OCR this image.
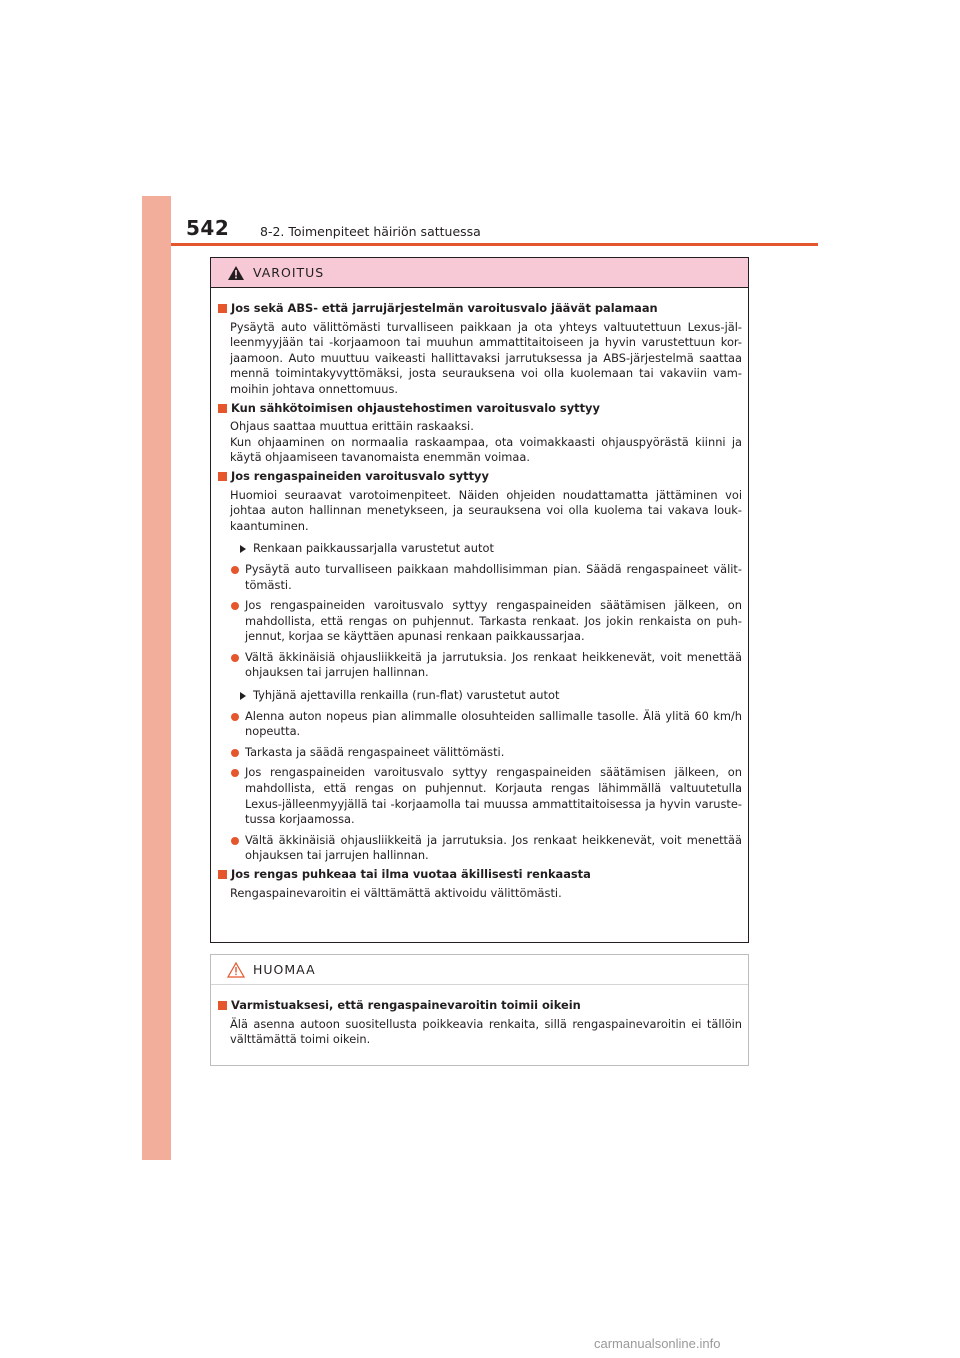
542 8-2. Toimenpiteet häiriön sattuessa
VAROITUS
Jos sekä ABS- että jarrujärjestelmän varoitusvalo jäävät palamaan
Pysäytä auto välittömästi turvalliseen paikkaan ja ota yhteys valtuutettuun Lexus-jäl- leenmyyjään tai -korjaamoon tai muuhun ammattitaitoiseen ja hyvin varustettuun kor- jaamoon. Auto muuttuu vaikeasti hallittavaksi jarrutuksessa ja ABS-järjestelmä saattaa mennä toimintakyvyttömäksi, josta seurauksena voi olla kuolemaan tai vakaviin vam- moihin johtava onnettomuus.
Kun sähkötoimisen ohjaustehostimen varoitusvalo syttyy
Ohjaus saattaa muuttua erittäin raskaaksi.
Kun ohjaaminen on normaalia raskaampaa, ota voimakkaasti ohjauspyörästä kiinni ja käytä ohjaamiseen tavanomaista enemmän voimaa.
Jos rengaspaineiden varoitusvalo syttyy
Huomioi seuraavat varotoimenpiteet. Näiden ohjeiden noudattamatta jättäminen voi johtaa auton hallinnan menetykseen, ja seurauksena voi olla kuolema tai vakava louk- kaantuminen.
Renkaan paikkaussarjalla varustetut autot
Pysäytä auto turvalliseen paikkaan mahdollisimman pian. Säädä rengaspaineet välit- tömästi.
Jos rengaspaineiden varoitusvalo syttyy rengaspaineiden säätämisen jälkeen, on mahdollista, että rengas on puhjennut. Tarkasta renkaat. Jos jokin renkaista on puh- jennut, korjaa se käyttäen apunasi renkaan paikkaussarjaa.
Vältä äkkinäisiä ohjausliikkeitä ja jarrutuksia. Jos renkaat heikkenevät, voit menettää ohjauksen tai jarrujen hallinnan.
Tyhjänä ajettavilla renkailla (run-flat) varustetut autot
Alenna auton nopeus pian alimmalle olosuhteiden sallimalle tasolle. Älä ylitä 60 km/h nopeutta.
Tarkasta ja säädä rengaspaineet välittömästi.
Jos rengaspaineiden varoitusvalo syttyy rengaspaineiden säätämisen jälkeen, on mahdollista, että rengas on puhjennut. Korjauta rengas lähimmällä valtuutetulla Lexus-jälleenmyyjällä tai -korjaamolla tai muussa ammattitaitoisessa ja hyvin varuste- tussa korjaamossa.
Vältä äkkinäisiä ohjausliikkeitä ja jarrutuksia. Jos renkaat heikkenevät, voit menettää ohjauksen tai jarrujen hallinnan.
Jos rengas puhkeaa tai ilma vuotaa äkillisesti renkaasta
Rengaspainevaroitin ei välttämättä aktivoidu välittömästi.
HUOMAA
Varmistuaksesi, että rengaspainevaroitin toimii oikein
Älä asenna autoon suositellusta poikkeavia renkaita, sillä rengaspainevaroitin ei tällöin välttämättä toimi oikein.
carmanualsonline.info
